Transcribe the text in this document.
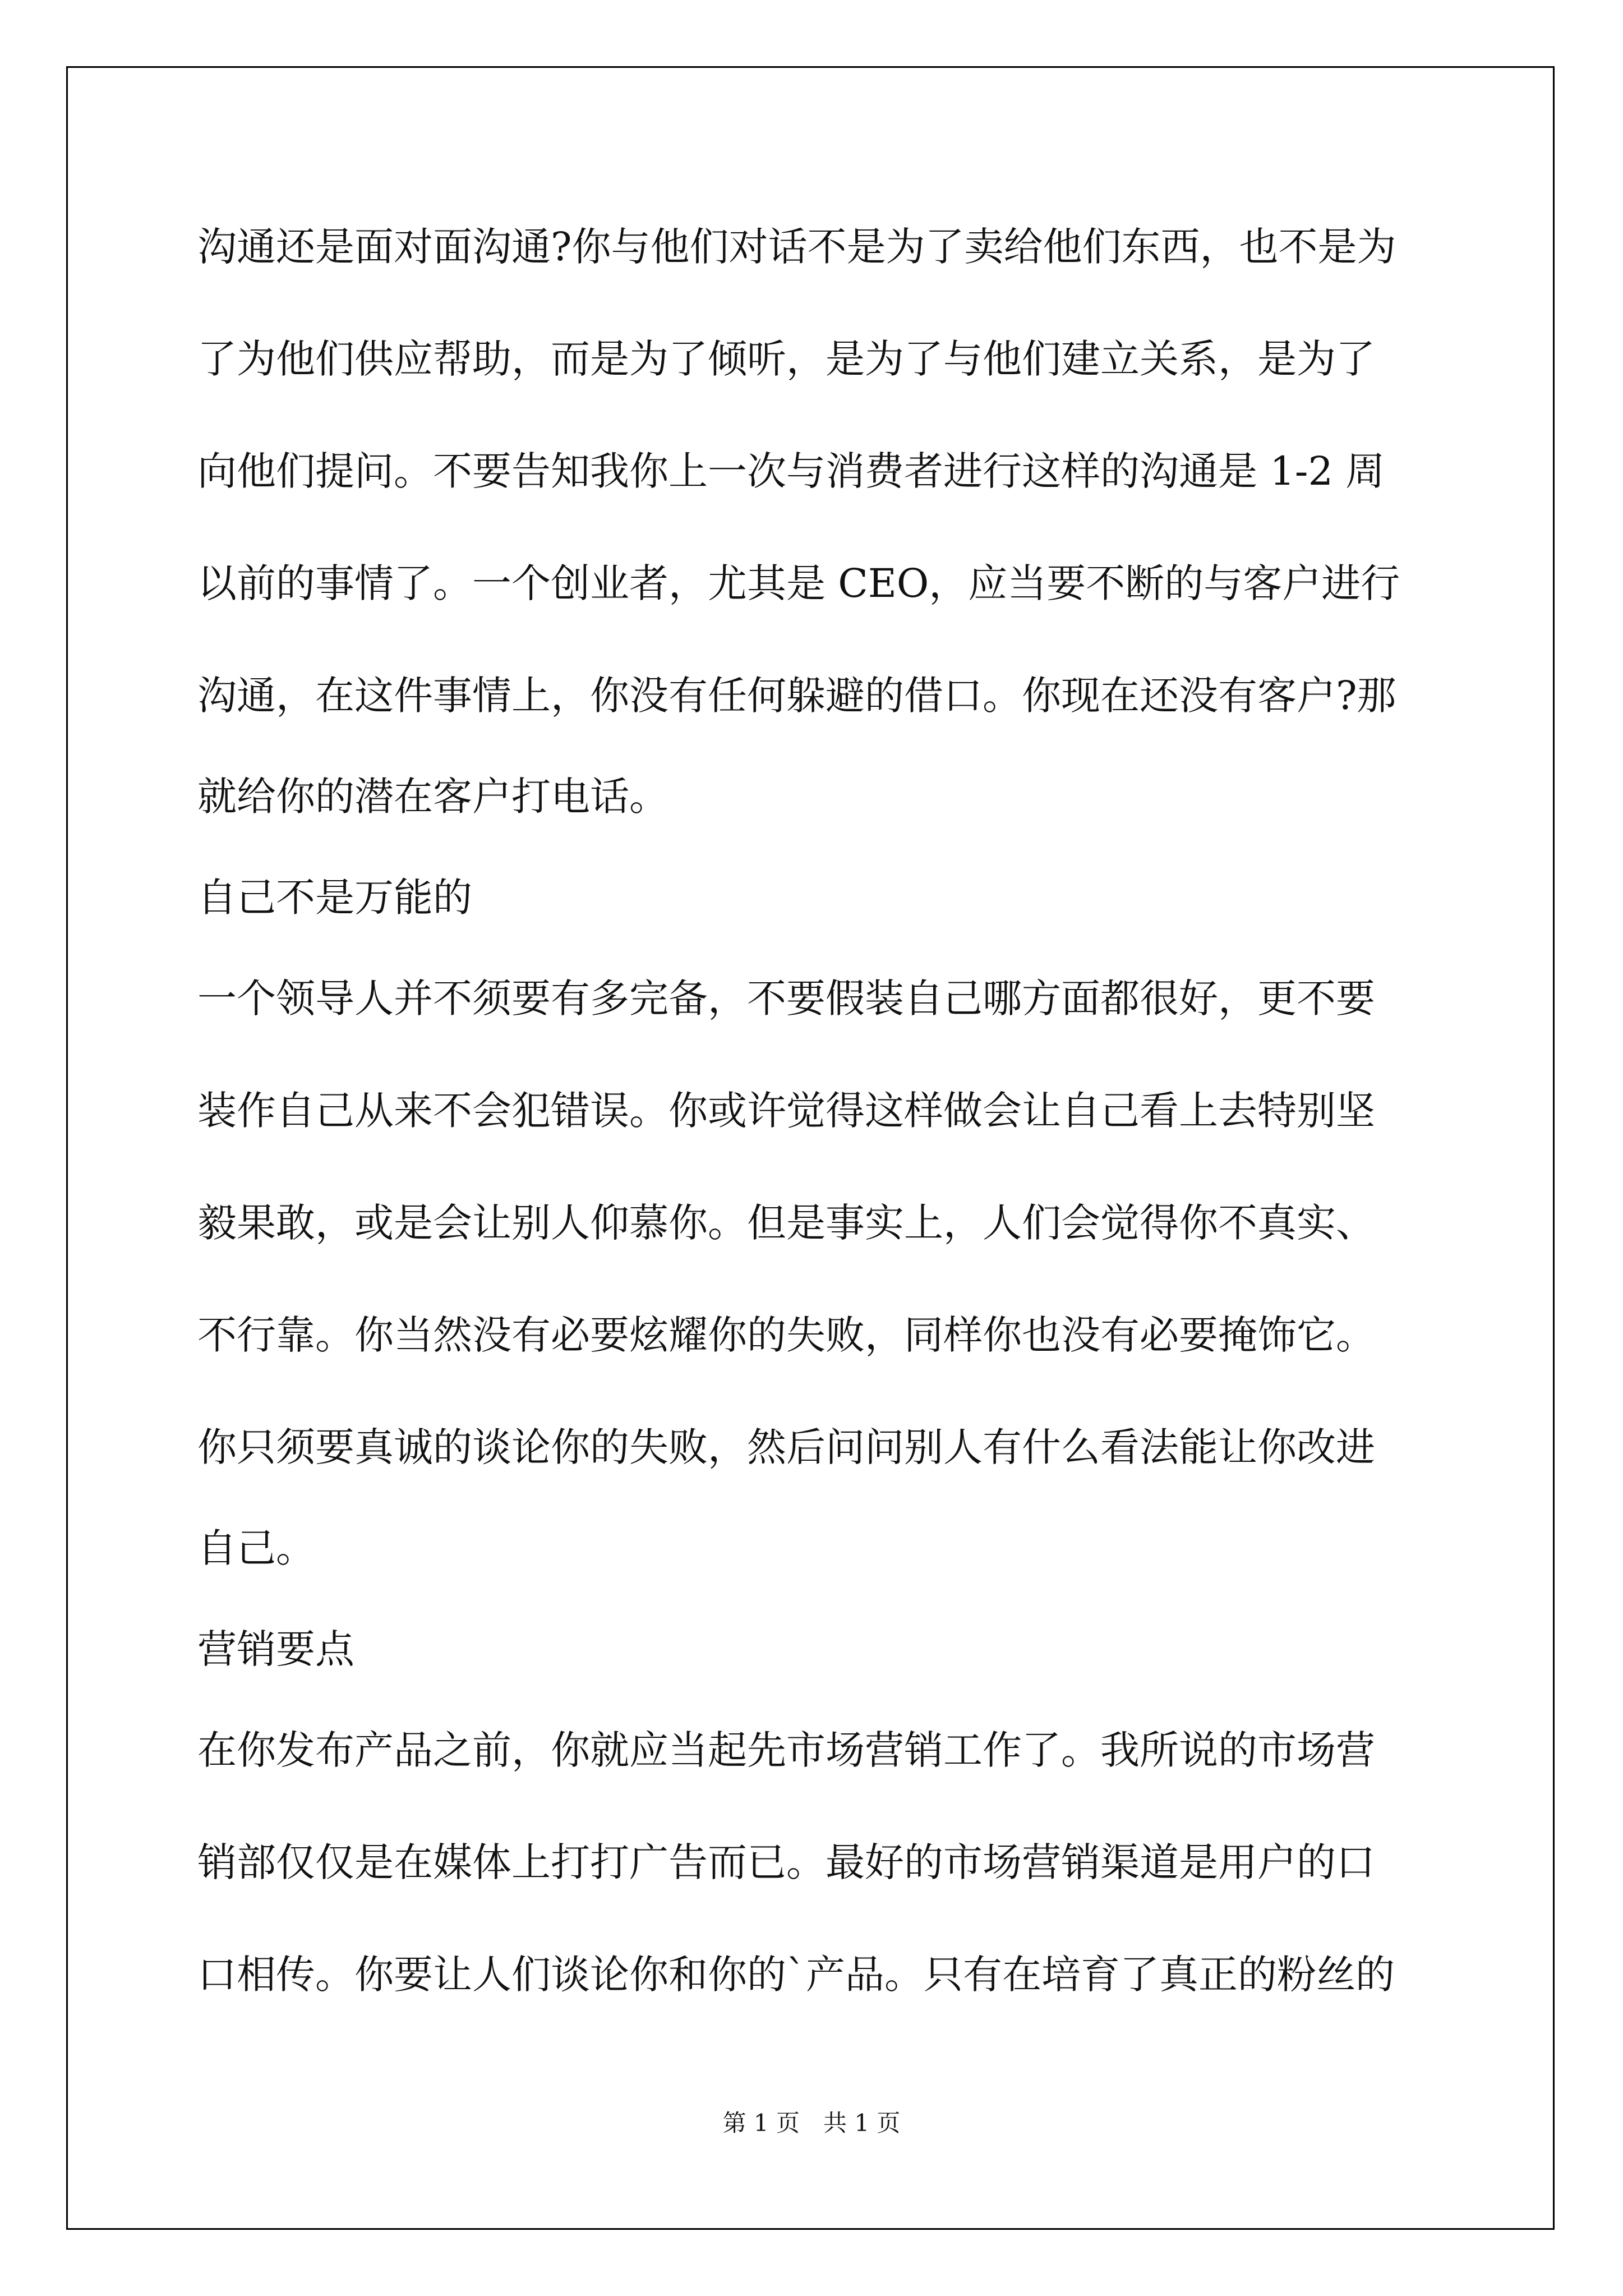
沟通还是面对面沟通?你与他们对话不是为了卖给他们东西，也不是为
了为他们供应帮助，而是为了倾听，是为了与他们建立关系，是为了
向他们提问。不要告知我你上一次与消费者进行这样的沟通是 1-2 周
以前的事情了。一个创业者，尤其是 CEO，应当要不断的与客户进行
沟通，在这件事情上，你没有任何躲避的借口。你现在还没有客户?那
就给你的潜在客户打电话。
自己不是万能的
一个领导人并不须要有多完备，不要假装自己哪方面都很好，更不要
装作自己从来不会犯错误。你或许觉得这样做会让自己看上去特别坚
毅果敢，或是会让别人仰慕你。但是事实上，人们会觉得你不真实、
不行靠。你当然没有必要炫耀你的失败，同样你也没有必要掩饰它。
你只须要真诚的谈论你的失败，然后问问别人有什么看法能让你改进
自己。
营销要点
在你发布产品之前，你就应当起先市场营销工作了。我所说的市场营
销部仅仅是在媒体上打打广告而已。最好的市场营销渠道是用户的口
口相传。你要让人们谈论你和你的`产品。只有在培育了真正的粉丝的
第 1 页　共 1 页
